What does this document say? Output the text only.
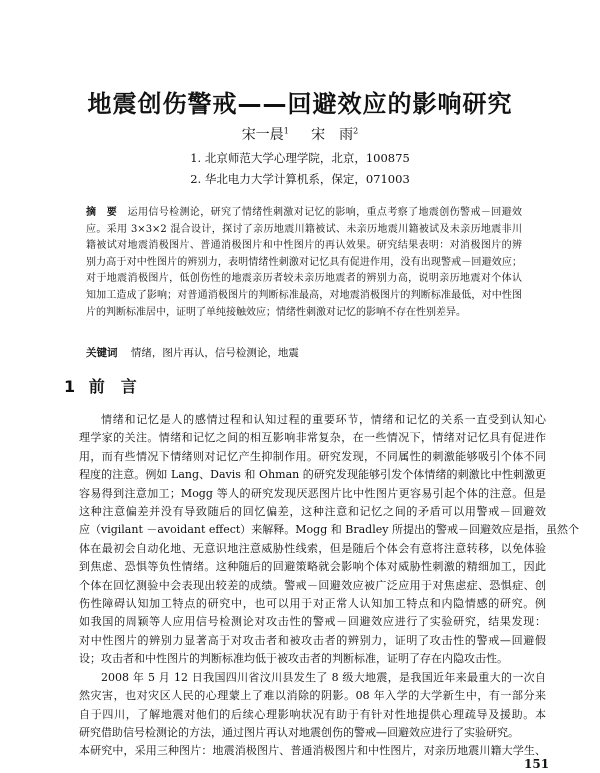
地震创伤警戒——回避效应的影响研究
宋一晨$^1$ 宋　雨$^2$
1. 北京师范大学心理学院，北京，100875
2. 华北电力大学计算机系，保定，071003
摘　要　 运用信号检测论，研究了情绪性刺激对记忆的影响，重点考察了地震创伤警戒－回避效
应。采用 3×3×2 混合设计，探讨了亲历地震川籍被试、未亲历地震川籍被试及未亲历地震非川
籍被试对地震消极图片、普通消极图片和中性图片的再认效果。研究结果表明：对消极图片的辨
别力高于对中性图片的辨别力，表明情绪性刺激对记忆具有促进作用，没有出现警戒－回避效应；
对于地震消极图片，低创伤性的地震亲历者较未亲历地震者的辨别力高，说明亲历地震对个体认
知加工造成了影响；对普通消极图片的判断标准最高，对地震消极图片的判断标准最低，对中性图
片的判断标准居中，证明了单纯接触效应；情绪性刺激对记忆的影响不存在性别差异。
关键词 情绪，图片再认，信号检测论，地震
1 前　言
情绪和记忆是人的感情过程和认知过程的重要环节，情绪和记忆的关系一直受到认知心
理学家的关注。情绪和记忆之间的相互影响非常复杂，在一些情况下，情绪对记忆具有促进作
用，而有些情况下情绪则对记忆产生抑制作用。研究发现，不同属性的刺激能够吸引个体不同
程度的注意。例如 Lang、Davis 和 Ohman 的研究发现能够引发个体情绪的刺激比中性刺激更
容易得到注意加工；Mogg 等人的研究发现厌恶图片比中性图片更容易引起个体的注意。但是
这种注意偏差并没有导致随后的回忆偏差，这种注意和记忆之间的矛盾可以用警戒－回避效
应（vigilant －avoidant effect）来解释。Mogg 和 Bradley 所提出的警戒－回避效应是指，虽然个
体在最初会自动化地、无意识地注意威胁性线索，但是随后个体会有意将注意转移，以免体验
到焦虑、恐惧等负性情绪。这种随后的回避策略就会影响个体对威胁性刺激的精细加工，因此
个体在回忆测验中会表现出较差的成绩。警戒－回避效应被广泛应用于对焦虑症、恐惧症、创
伤性障碍认知加工特点的研究中，也可以用于对正常人认知加工特点和内隐情感的研究。例
如我国的周颖等人应用信号检测论对攻击性的警戒－回避效应进行了实验研究，结果发现：
对中性图片的辨别力显著高于对攻击者和被攻击者的辨别力，证明了攻击性的警戒—回避假
设；攻击者和中性图片的判断标准均低于被攻击者的判断标准，证明了存在内隐攻击性。
2008 年 5 月 12 日我国四川省汶川县发生了 8 级大地震，是我国近年来最重大的一次自
然灾害，也对灾区人民的心理蒙上了难以消除的阴影。08 年入学的大学新生中，有一部分来
自于四川，了解地震对他们的后续心理影响状况有助于有针对性地提供心理疏导及援助。本
研究借助信号检测论的方法，通过图片再认对地震创伤的警戒—回避效应进行了实验研究。
本研究中，采用三种图片：地震消极图片、普通消极图片和中性图片，对亲历地震川籍大学生、
151
